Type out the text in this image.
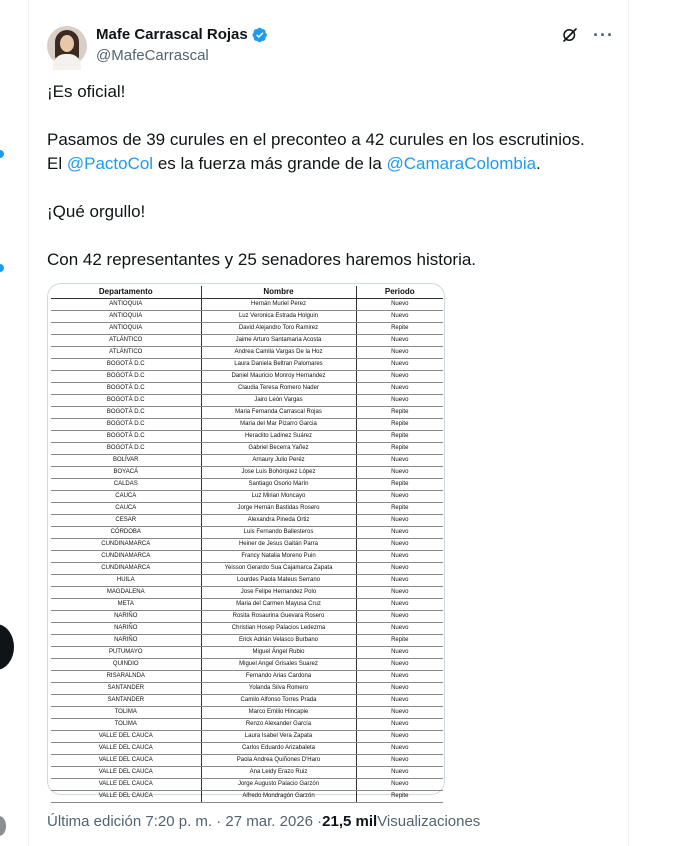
Mafe Carrascal Rojas
@MafeCarrascal
···

¡Es oficial!

Pasamos de 39 curules en el preconteo a 42 curules en los escrutinios.

El @PactoCol es la fuerza más grande de la @CamaraColombia.

¡Qué orgullo!

Con 42 representantes y 25 senadores haremos historia.

Departamento	Nombre	Periodo
ANTIOQUIA	Hernán Muriel Perez	Nuevo
ANTIOQUIA	Luz Veronica Estrada Holguin	Nuevo
ANTIOQUIA	David Alejandro Toro Ramirez	Repite
ATLÁNTICO	Jaime Arturo Santamaria Acosta	Nuevo
ATLÁNTICO	Andrea Camila Vargas De la Hoz	Nuevo
BOGOTÁ D.C	Laura Daniela Beltran Palomares	Nuevo
BOGOTÁ D.C	Daniel Mauricio Monroy Hernandez	Nuevo
BOGOTÁ D.C	Claudia Teresa Romero Nader	Nuevo
BOGOTÁ D.C	Jairo León Vargas	Nuevo
BOGOTÁ D.C	Maria Fernanda Carrascal Rojas	Repite
BOGOTÁ D.C	Maria del Mar Pizarro Garcia	Repite
BOGOTÁ D.C	Heraclito Ladinez Suárez	Repite
BOGOTÁ D.C	Gabriel Becerra Yañez	Repite
BOLÍVAR	Arnaury Julio Peréz	Nuevo
BOYACÁ	Jose Luis Bohórquez López	Nuevo
CALDAS	Santiago Osorio Marín	Repite
CAUCA	Luz Mirian Moncayo	Nuevo
CAUCA	Jorge Hernán Bastidas Rosero	Repite
CESAR	Alexandra Pineda Ortiz	Nuevo
CÓRDOBA	Luis Fernando Ballesteros	Nuevo
CUNDINAMARCA	Heiner de Jesus Gaitán Parra	Nuevo
CUNDINAMARCA	Francy Natalia Moreno Puin	Nuevo
CUNDINAMARCA	Yeisson Gerardo Sua Cajamarca Zapata	Nuevo
HUILA	Lourdes Paola Mateus Serrano	Nuevo
MAGDALENA	Jose Felipe Hernandez Polo	Nuevo
META	Maria del Carmen Mayusa Cruz	Nuevo
NARIÑO	Rosita Rosaurina Guevara Rosero	Nuevo
NARIÑO	Christian Hosep Palacios Ledezma	Nuevo
NARIÑO	Erick Adrián Velasco Burbano	Repite
PUTUMAYO	Miguel Ángel Rubio	Nuevo
QUINDIO	Miguel Angel Grisales Suarez	Nuevo
RISARALNDA	Fernando Arias Cardona	Nuevo
SANTANDER	Yolanda Silva Romero	Nuevo
SANTANDER	Camilo Alfonso Torres Prada	Nuevo
TOLIMA	Marco Emilio Hincapie	Nuevo
TOLIMA	Renzo Alexander García	Nuevo
VALLE DEL CAUCA	Laura Isabel Vera Zapata	Nuevo
VALLE DEL CAUCA	Carlos Eduardo Arizabaleta	Nuevo
VALLE DEL CAUCA	Paola Andrea Quiñones D'Haro	Nuevo
VALLE DEL CAUCA	Ana Leidy Erazo Ruiz	Nuevo
VALLE DEL CAUCA	Jorge Augusto Palacio Garzón	Nuevo
VALLE DEL CAUCA	Alfredo Mondragón Garzón	Repite
Última edición 7:20 p. m. · 27 mar. 2026 · 21,5 mil Visualizaciones
